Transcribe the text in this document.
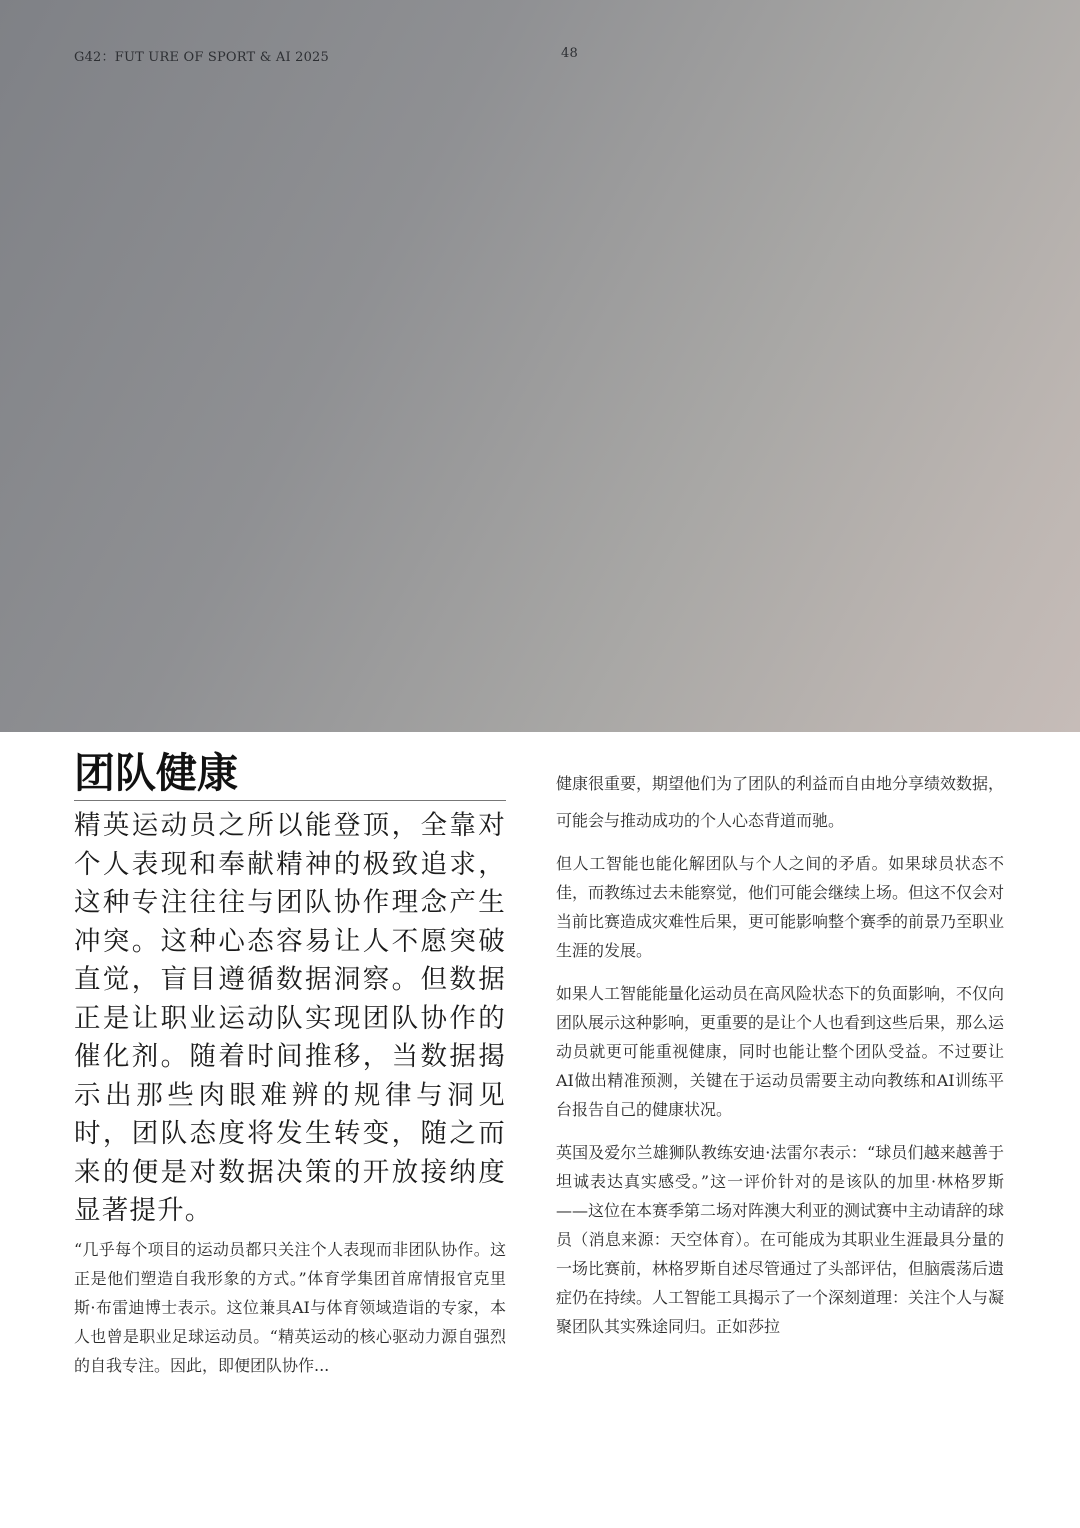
G42：FUT URE OF SPORT & AI 2025	48
团队健康

精英运动员之所以能登顶，全靠对个人表现和奉献精神的极致追求，这种专注往往与团队协作理念产生冲突。这种心态容易让人不愿突破直觉，盲目遵循数据洞察。但数据正是让职业运动队实现团队协作的催化剂。随着时间推移，当数据揭示出那些肉眼难辨的规律与洞见时，团队态度将发生转变，随之而来的便是对数据决策的开放接纳度显著提升。

“几乎每个项目的运动员都只关注个人表现而非团队协作。这正是他们塑造自我形象的方式。”体育学集团首席情报官克里斯·布雷迪博士表示。这位兼具AI与体育领域造诣的专家，本人也曾是职业足球运动员。“精英运动的核心驱动力源自强烈的自我专注。因此，即便团队协作...

健康很重要，期望他们为了团队的利益而自由地分享绩效数据，可能会与推动成功的个人心态背道而驰。

但人工智能也能化解团队与个人之间的矛盾。如果球员状态不佳，而教练过去未能察觉，他们可能会继续上场。但这不仅会对当前比赛造成灾难性后果，更可能影响整个赛季的前景乃至职业生涯的发展。

如果人工智能能量化运动员在高风险状态下的负面影响，不仅向团队展示这种影响，更重要的是让个人也看到这些后果，那么运动员就更可能重视健康，同时也能让整个团队受益。不过要让AI做出精准预测，关键在于运动员需要主动向教练和AI训练平台报告自己的健康状况。

英国及爱尔兰雄狮队教练安迪·法雷尔表示：“球员们越来越善于坦诚表达真实感受。”这一评价针对的是该队的加里·林格罗斯——这位在本赛季第二场对阵澳大利亚的测试赛中主动请辞的球员（消息来源：天空体育）。在可能成为其职业生涯最具分量的一场比赛前，林格罗斯自述尽管通过了头部评估，但脑震荡后遗症仍在持续。人工智能工具揭示了一个深刻道理：关注个人与凝聚团队其实殊途同归。正如莎拉
